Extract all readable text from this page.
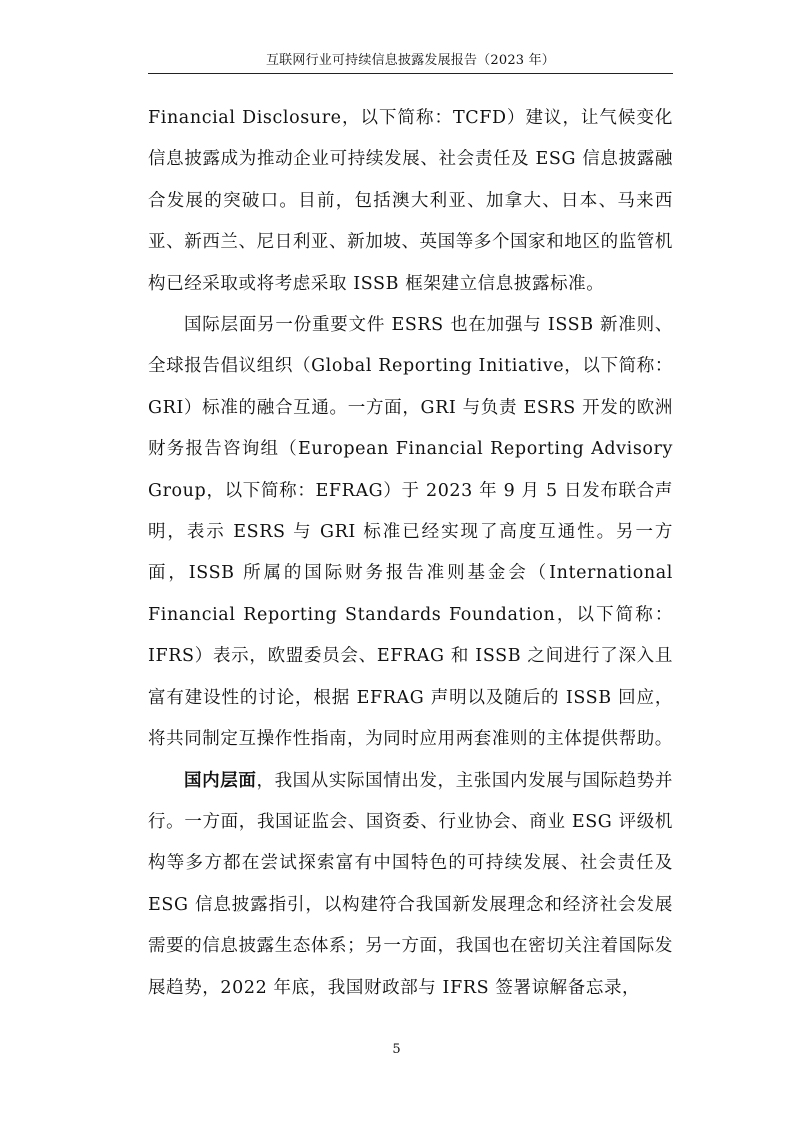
互联网行业可持续信息披露发展报告（2023 年）

Financial Disclosure，以下简称：TCFD）建议，让气候变化信息披露成为推动企业可持续发展、社会责任及 ESG 信息披露融合发展的突破口。目前，包括澳大利亚、加拿大、日本、马来西亚、新西兰、尼日利亚、新加坡、英国等多个国家和地区的监管机构已经采取或将考虑采取 ISSB 框架建立信息披露标准。

国际层面另一份重要文件 ESRS 也在加强与 ISSB 新准则、全球报告倡议组织（Global Reporting Initiative，以下简称：GRI）标准的融合互通。一方面，GRI 与负责 ESRS 开发的欧洲财务报告咨询组（European Financial Reporting Advisory Group，以下简称：EFRAG）于 2023 年 9 月 5 日发布联合声明，表示 ESRS 与 GRI 标准已经实现了高度互通性。另一方面，ISSB 所属的国际财务报告准则基金会（International Financial Reporting Standards Foundation，以下简称：IFRS）表示，欧盟委员会、EFRAG 和 ISSB 之间进行了深入且富有建设性的讨论，根据 EFRAG 声明以及随后的 ISSB 回应，将共同制定互操作性指南，为同时应用两套准则的主体提供帮助。

国内层面，我国从实际国情出发，主张国内发展与国际趋势并行。一方面，我国证监会、国资委、行业协会、商业 ESG 评级机构等多方都在尝试探索富有中国特色的可持续发展、社会责任及 ESG 信息披露指引，以构建符合我国新发展理念和经济社会发展需要的信息披露生态体系；另一方面，我国也在密切关注着国际发展趋势，2022 年底，我国财政部与 IFRS 签署谅解备忘录，

5
